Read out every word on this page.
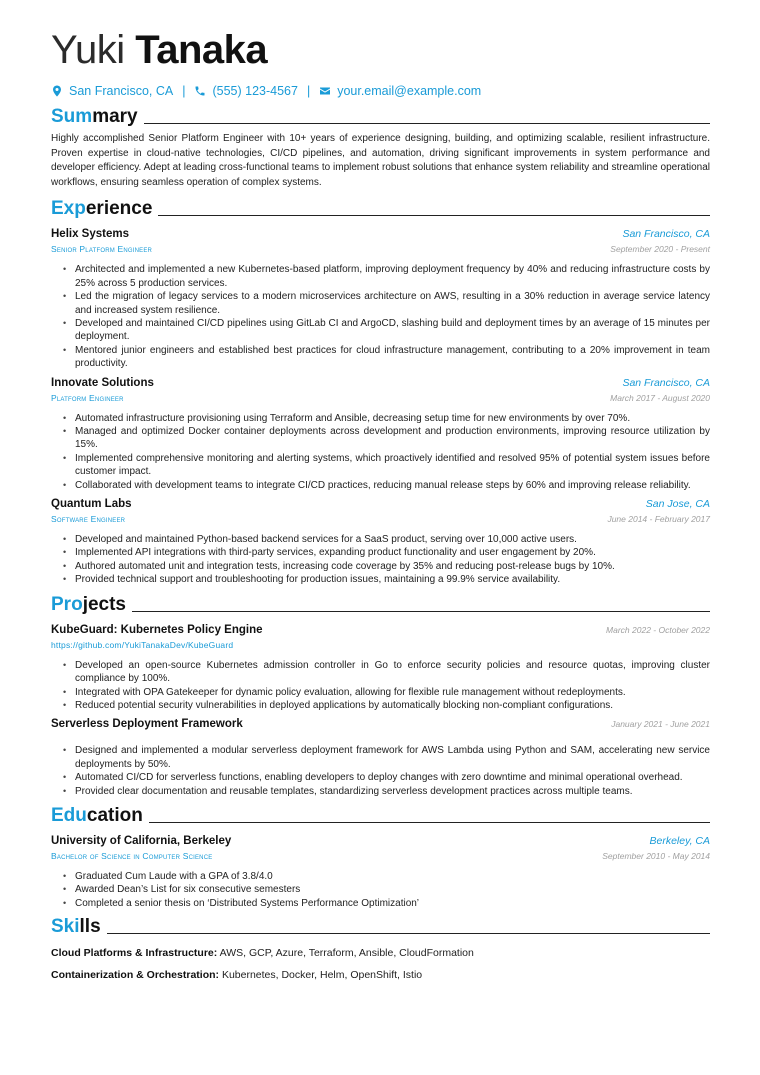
Yuki Tanaka
San Francisco, CA | (555) 123-4567 | your.email@example.com
Summary

Highly accomplished Senior Platform Engineer with 10+ years of experience designing, building, and optimizing scalable, resilient infrastructure. Proven expertise in cloud-native technologies, CI/CD pipelines, and automation, driving significant improvements in system performance and developer efficiency. Adept at leading cross-functional teams to implement robust solutions that enhance system reliability and streamline operational workflows, ensuring seamless operation of complex systems.

Experience
Helix Systems	San Francisco, CA
Senior Platform Engineer	September 2020 - Present
• Architected and implemented a new Kubernetes-based platform, improving deployment frequency by 40% and reducing infrastructure costs by 25% across 5 production services.
• Led the migration of legacy services to a modern microservices architecture on AWS, resulting in a 30% reduction in average service latency and increased system resilience.
• Developed and maintained CI/CD pipelines using GitLab CI and ArgoCD, slashing build and deployment times by an average of 15 minutes per deployment.
• Mentored junior engineers and established best practices for cloud infrastructure management, contributing to a 20% improvement in team productivity.
Innovate Solutions	San Francisco, CA
Platform Engineer	March 2017 - August 2020
• Automated infrastructure provisioning using Terraform and Ansible, decreasing setup time for new environments by over 70%.
• Managed and optimized Docker container deployments across development and production environments, improving resource utilization by 15%.
• Implemented comprehensive monitoring and alerting systems, which proactively identified and resolved 95% of potential system issues before customer impact.
• Collaborated with development teams to integrate CI/CD practices, reducing manual release steps by 60% and improving release reliability.
Quantum Labs	San Jose, CA
Software Engineer	June 2014 - February 2017
• Developed and maintained Python-based backend services for a SaaS product, serving over 10,000 active users.
• Implemented API integrations with third-party services, expanding product functionality and user engagement by 20%.
• Authored automated unit and integration tests, increasing code coverage by 35% and reducing post-release bugs by 10%.
• Provided technical support and troubleshooting for production issues, maintaining a 99.9% service availability.
Projects
KubeGuard: Kubernetes Policy Engine	March 2022 - October 2022
https://github.com/YukiTanakaDev/KubeGuard
• Developed an open-source Kubernetes admission controller in Go to enforce security policies and resource quotas, improving cluster compliance by 100%.
• Integrated with OPA Gatekeeper for dynamic policy evaluation, allowing for flexible rule management without redeployments.
• Reduced potential security vulnerabilities in deployed applications by automatically blocking non-compliant configurations.
Serverless Deployment Framework	January 2021 - June 2021
• Designed and implemented a modular serverless deployment framework for AWS Lambda using Python and SAM, accelerating new service deployments by 50%.
• Automated CI/CD for serverless functions, enabling developers to deploy changes with zero downtime and minimal operational overhead.
• Provided clear documentation and reusable templates, standardizing serverless development practices across multiple teams.
Education
University of California, Berkeley	Berkeley, CA
Bachelor of Science in Computer Science	September 2010 - May 2014
• Graduated Cum Laude with a GPA of 3.8/4.0
• Awarded Dean’s List for six consecutive semesters
• Completed a senior thesis on ‘Distributed Systems Performance Optimization’
Skills
Cloud Platforms & Infrastructure: AWS, GCP, Azure, Terraform, Ansible, CloudFormation
Containerization & Orchestration: Kubernetes, Docker, Helm, OpenShift, Istio
